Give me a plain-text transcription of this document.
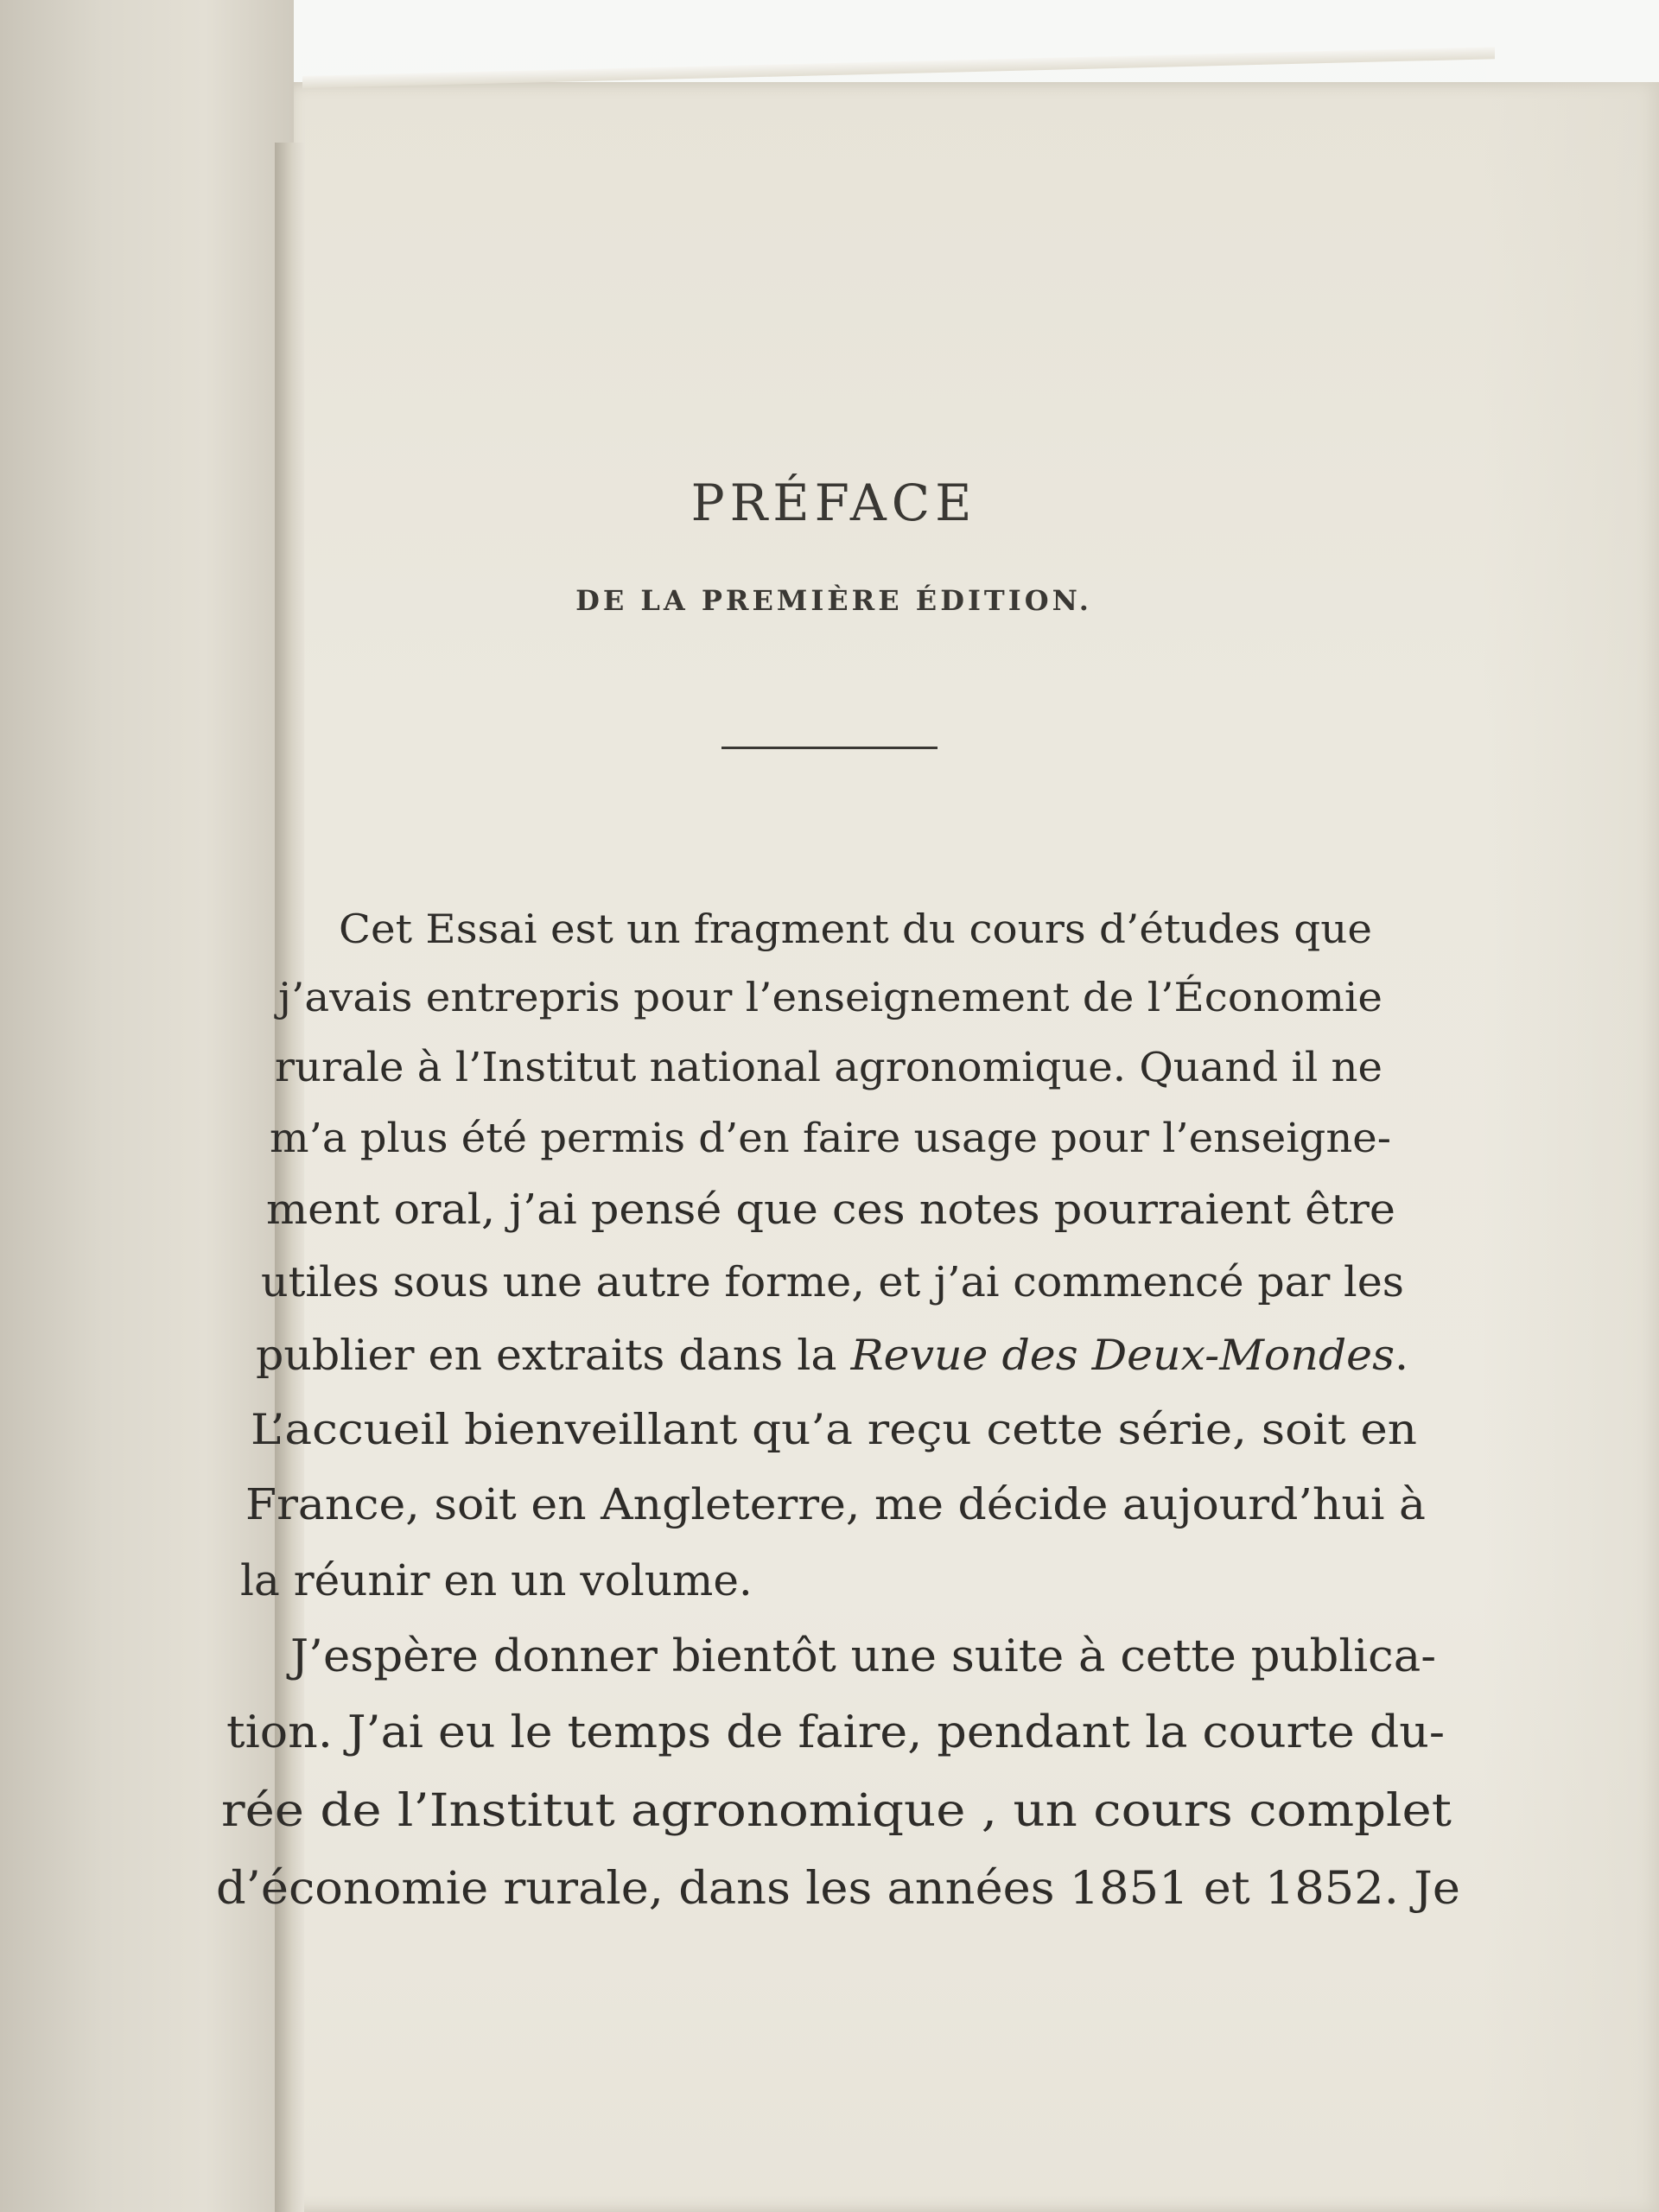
PRÉFACE
DE LA PREMIÈRE ÉDITION.
Cet Essai est un fragment du cours d’études que
j’avais entrepris pour l’enseignement de l’Économie
rurale à l’Institut national agronomique. Quand il ne
m’a plus été permis d’en faire usage pour l’enseigne-
ment oral, j’ai pensé que ces notes pourraient être
utiles sous une autre forme, et j’ai commencé par les
publier en extraits dans la Revue des Deux-Mondes.
L’accueil bienveillant qu’a reçu cette série, soit en
France, soit en Angleterre, me décide aujourd’hui à
la réunir en un volume.
J’espère donner bientôt une suite à cette publica-
tion. J’ai eu le temps de faire, pendant la courte du-
rée de l’Institut agronomique , un cours complet
d’économie rurale, dans les années 1851 et 1852. Je
